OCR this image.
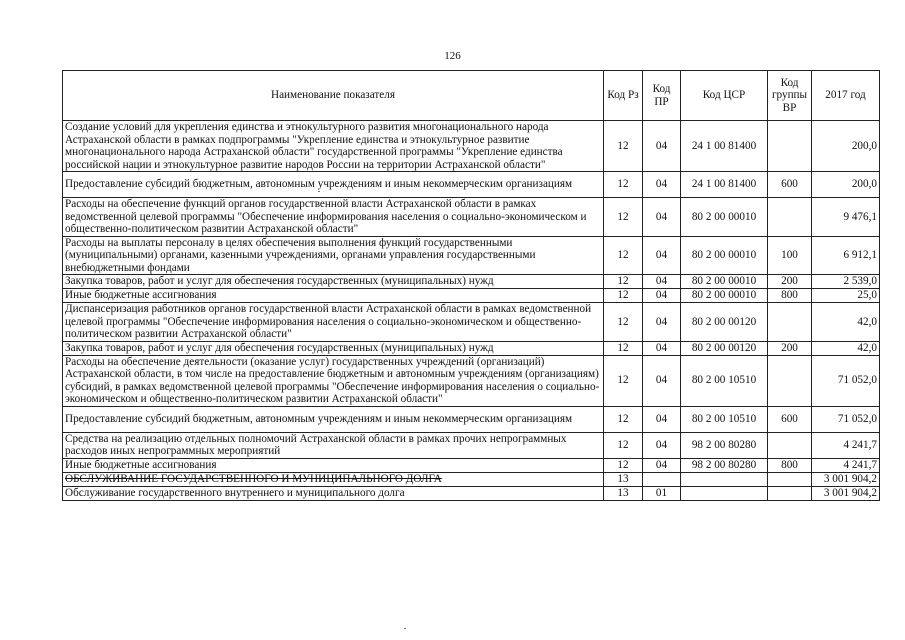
126
Наименование показателя	Код Рз	Код ПР	Код ЦСР	Код группы ВР	2017 год
Создание условий для укрепления единства и этнокультурного развития многонационального народа Астраханской области в рамках подпрограммы "Укрепление единства и этнокультурное развитие многонационального народа Астраханской области" государственной программы "Укрепление единства российской нации и этнокультурное развитие народов России на территории Астраханской области"	12	04	24 1 00 81400		200,0
Предоставление субсидий бюджетным, автономным учреждениям и иным некоммерческим организациям	12	04	24 1 00 81400	600	200,0
Расходы на обеспечение функций органов государственной власти Астраханской области в рамках ведомственной целевой программы "Обеспечение информирования населения о социально-экономическом и общественно-политическом развитии Астраханской области"	12	04	80 2 00 00010		9 476,1
Расходы на выплаты персоналу в целях обеспечения выполнения функций государственными (муниципальными) органами, казенными учреждениями, органами управления государственными внебюджетными фондами	12	04	80 2 00 00010	100	6 912,1
Закупка товаров, работ и услуг для обеспечения государственных (муниципальных) нужд	12	04	80 2 00 00010	200	2 539,0
Иные бюджетные ассигнования	12	04	80 2 00 00010	800	25,0
Диспансеризация работников органов государственной власти Астраханской области в рамках ведомственной целевой программы "Обеспечение информирования населения о социально-экономическом и общественно-политическом развитии Астраханской области"	12	04	80 2 00 00120		42,0
Закупка товаров, работ и услуг для обеспечения государственных (муниципальных) нужд	12	04	80 2 00 00120	200	42,0
Расходы на обеспечение деятельности (оказание услуг) государственных учреждений (организаций) Астраханской области, в том числе на предоставление бюджетным и автономным учреждениям (организациям) субсидий, в рамках ведомственной целевой программы "Обеспечение информирования населения о социально-экономическом и общественно-политическом развитии Астраханской области"	12	04	80 2 00 10510		71 052,0
Предоставление субсидий бюджетным, автономным учреждениям и иным некоммерческим организациям	12	04	80 2 00 10510	600	71 052,0
Средства на реализацию отдельных полномочий Астраханской области в рамках прочих непрограммных расходов иных непрограммных мероприятий	12	04	98 2 00 80280		4 241,7
Иные бюджетные ассигнования	12	04	98 2 00 80280	800	4 241,7
ОБСЛУЖИВАНИЕ ГОСУДАРСТВЕННОГО И МУНИЦИПАЛЬНОГО ДОЛГА	13				3 001 904,2
Обслуживание государственного внутреннего и муниципального долга	13	01			3 001 904,2
